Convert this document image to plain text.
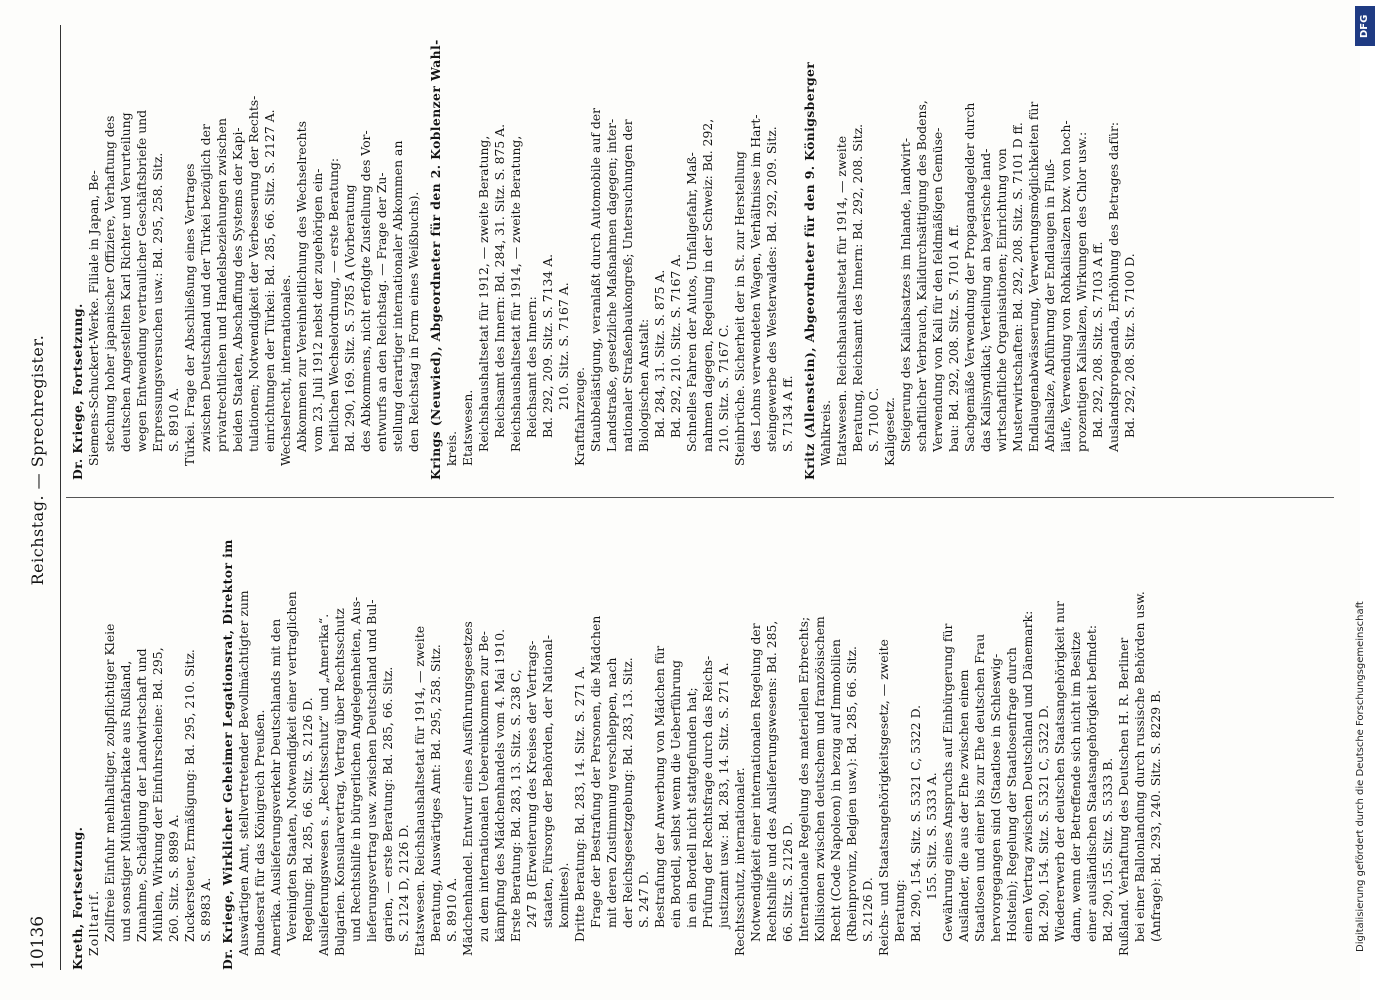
10136
Reichstag. — Sprechregister.
Kreth, Fortsetzung. Zolltarif. Zollfreie Einfuhr mehlhaltiger, zollpflichtiger Kleie und sonstiger Mühlenfabrikate aus Rußland, Zunahme, Schädigung der Landwirtschaft und Mühlen, Wirkung der Einfuhrscheine: Bd. 295, 260. Sitz. S. 8989 A. Zuckersteuer, Ermäßigung: Bd. 295, 210. Sitz. S. 8983 A. Dr. Kriege, Wirklicher Geheimer Legationsrat, Direktor im Auswärtigen Amt, stellvertretender Bevollmächtigter zum Bundesrat für das Königreich Preußen. Amerika. Auslieferungsverkehr Deutschlands mit den Vereinigten Staaten, Notwendigkeit einer vertraglichen Regelung: Bd. 285, 66. Sitz. S. 2126 D. Auslieferungswesen s. „Rechtsschutz“ und „Amerika“. Bulgarien. Konsularvertrag, Vertrag über Rechtsschutz und Rechtshilfe in bürgerlichen Angelegenheiten, Aus- lieferungsvertrag usw. zwischen Deutschland und Bul- garien, — erste Beratung: Bd. 285, 66. Sitz. S. 2124 D, 2126 D. Etatswesen. Reichshaushaltsetat für 1914, — zweite Beratung, Auswärtiges Amt: Bd. 295, 258. Sitz. S. 8910 A. Mädchenhandel. Entwurf eines Ausführungsgesetzes zu dem internationalen Uebereinkommen zur Be- kämpfung des Mädchenhandels vom 4. Mai 1910. Erste Beratung: Bd. 283, 13. Sitz. S. 238 C, 247 B (Erweiterung des Kreises der Vertrags- staaten, Fürsorge der Behörden, der National- komitees). Dritte Beratung: Bd. 283, 14. Sitz. S. 271 A. Frage der Bestrafung der Personen, die Mädchen mit deren Zustimmung verschleppen, nach der Reichsgesetzgebung: Bd. 283, 13. Sitz. S. 247 D. Bestrafung der Anwerbung von Mädchen für ein Bordell, selbst wenn die Ueberführung in ein Bordell nicht stattgefunden hat; Prüfung der Rechtsfrage durch das Reichs- justizamt usw.: Bd. 283, 14. Sitz. S. 271 A. Rechtsschutz, internationaler. Notwendigkeit einer internationalen Regelung der Rechtshilfe und des Auslieferungswesens: Bd. 285, 66. Sitz. S. 2126 D. Internationale Regelung des materiellen Erbrechts; Kollisionen zwischen deutschem und französischem Recht (Code Napoleon) in bezug auf Immobilien (Rheinprovinz, Belgien usw.): Bd. 285, 66. Sitz. S. 2126 D. Reichs- und Staatsangehörigkeitsgesetz, — zweite Beratung: Bd. 290, 154. Sitz. S. 5321 C, 5322 D. 155. Sitz. S. 5333 A. Gewährung eines Anspruchs auf Einbürgerung für Ausländer, die aus der Ehe zwischen einem Staatlosen und einer bis zur Ehe deutschen Frau hervorgegangen sind (Staatlose in Schleswig- Holstein); Regelung der Staatlosenfrage durch einen Vertrag zwischen Deutschland und Dänemark: Bd. 290, 154. Sitz. S. 5321 C, 5322 D. Wiedererwerb der deutschen Staatsangehörigkeit nur dann, wenn der Betreffende sich nicht im Besitze einer ausländischen Staatsangehörigkeit befindet: Bd. 290, 155. Sitz. S. 5333 B. Rußland. Verhaftung des Deutschen H. R. Berliner bei einer Ballonlandung durch russische Behörden usw. (Anfrage): Bd. 293, 240. Sitz. S. 8229 B.
Dr. Kriege, Fortsetzung. Siemens-Schuckert-Werke. Filiale in Japan, Be- stechung hoher japanischer Offiziere, Verhaftung des deutschen Angestellten Karl Richter und Verurteilung wegen Entwendung vertraulicher Geschäftsbriefe und Erpressungsversuchen usw.: Bd. 295, 258. Sitz. S. 8910 A. Türkei. Frage der Abschließung eines Vertrages zwischen Deutschland und der Türkei bezüglich der privatrechtlichen und Handelsbeziehungen zwischen beiden Staaten, Abschaffung des Systems der Kapi- tulationen; Notwendigkeit der Verbesserung der Rechts- einrichtungen der Türkei: Bd. 285, 66. Sitz. S. 2127 A. Wechselrecht, internationales. Abkommen zur Vereinheitlichung des Wechselrechts vom 23. Juli 1912 nebst der zugehörigen ein- heitlichen Wechselordnung, — erste Beratung: Bd. 290, 169. Sitz. S. 5785 A (Vorberatung des Abkommens, nicht erfolgte Zustellung des Vor- entwurfs an den Reichstag. — Frage der Zu- stellung derartiger internationaler Abkommen an den Reichstag in Form eines Weißbuchs). Krings (Neuwied), Abgeordneter für den 2. Koblenzer Wahl- kreis. Etatswesen. Reichshaushaltsetat für 1912, — zweite Beratung, Reichsamt des Innern: Bd. 284, 31. Sitz. S. 875 A. Reichshaushaltsetat für 1914, — zweite Beratung, Reichsamt des Innern: Bd. 292, 209. Sitz. S. 7134 A. 210. Sitz. S. 7167 A.
Kraftfahrzeuge. Staubbelästigung, veranlaßt durch Automobile auf der Landstraße, gesetzliche Maßnahmen dagegen; inter- nationaler Straßenbaukongreß; Untersuchungen der Biologischen Anstalt: Bd. 284, 31. Sitz. S. 875 A. Bd. 292, 210. Sitz. S. 7167 A. Schnelles Fahren der Autos, Unfallgefahr, Maß- nahmen dagegen, Regelung in der Schweiz: Bd. 292, 210. Sitz. S. 7167 C. Steinbrüche. Sicherheit der in St. zur Herstellung des Lohns verwendeten Wagen, Verhältnisse im Hart- steingewerbe des Westerwaldes: Bd. 292, 209. Sitz. S. 7134 A ff. Kritz (Allenstein), Abgeordneter für den 9. Königsberger Wahlkreis. Etatswesen. Reichshaushaltsetat für 1914, — zweite Beratung, Reichsamt des Innern: Bd. 292, 208. Sitz. S. 7100 C. Kaligesetz. Steigerung des Kaliabsatzes im Inlande, landwirt- schaftlicher Verbrauch, Kalidurchsättigung des Bodens, Verwendung von Kali für den feldmäßigen Gemüse- bau: Bd. 292, 208. Sitz. S. 7101 A ff. Sachgemäße Verwendung der Propagandagelder durch das Kalisyndikat; Verteilung an bayerische land- wirtschaftliche Organisationen; Einrichtung von Musterwirtschaften: Bd. 292, 208. Sitz. S. 7101 D ff. Endlaugenabwässerung, Verwertungsmöglichkeiten für Abfallsalze, Abführung der Endlaugen in Fluß- läufe, Verwendung von Rohkalisalzen bzw. von hoch- prozentigen Kalisalzen, Wirkungen des Chlor usw.: Bd. 292, 208. Sitz. S. 7103 A ff. Auslandspropaganda, Erhöhung des Betrages dafür: Bd. 292, 208. Sitz. S. 7100 D.
DFG
Digitalisierung gefördert durch die Deutsche Forschungsgemeinschaft
